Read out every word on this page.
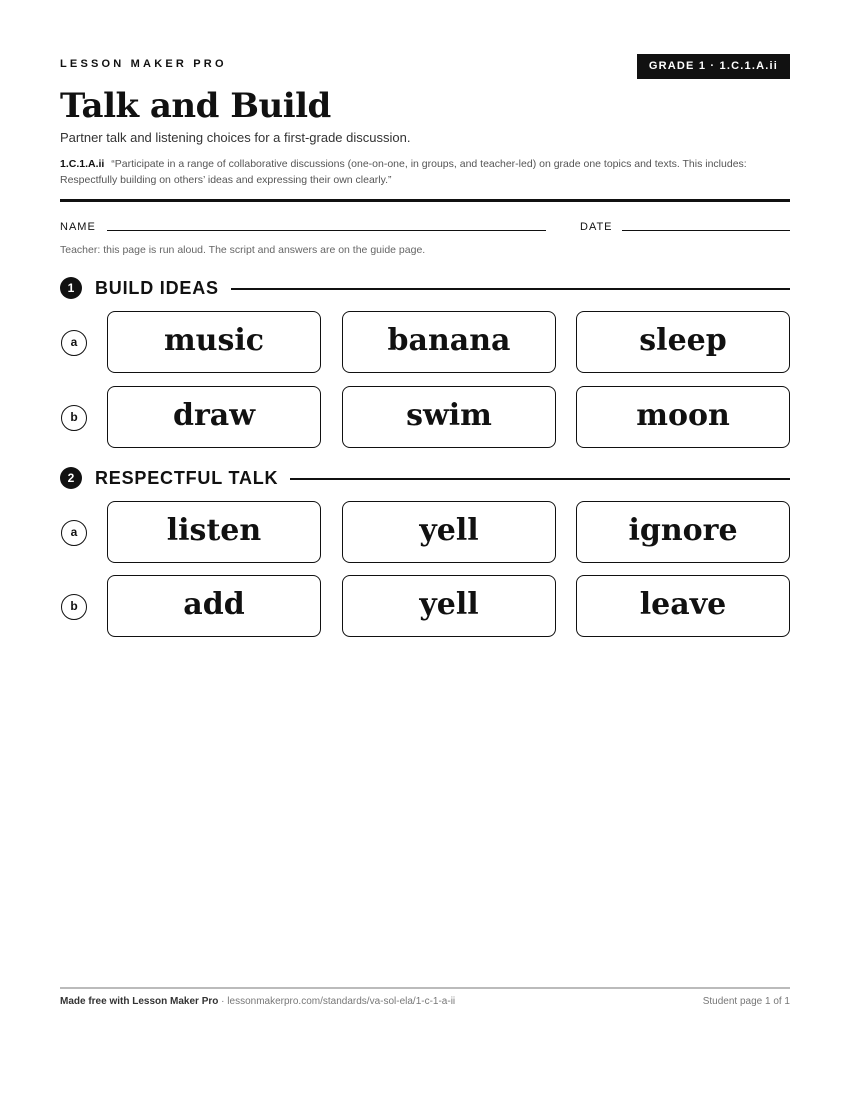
LESSON MAKER PRO	GRADE 1 · 1.C.1.A.ii
Talk and Build
Partner talk and listening choices for a first-grade discussion.
1.C.1.A.ii “Participate in a range of collaborative discussions (one-on-one, in groups, and teacher-led) on grade one topics and texts. This includes: Respectfully building on others’ ideas and expressing their own clearly.”
NAME	DATE
Teacher: this page is run aloud. The script and answers are on the guide page.
1	BUILD IDEAS
a	music	banana	sleep
b	draw	swim	moon
2	RESPECTFUL TALK
a	listen	yell	ignore
b	add	yell	leave
Made free with Lesson Maker Pro · lessonmakerpro.com/standards/va-sol-ela/1-c-1-a-ii	Student page 1 of 1
